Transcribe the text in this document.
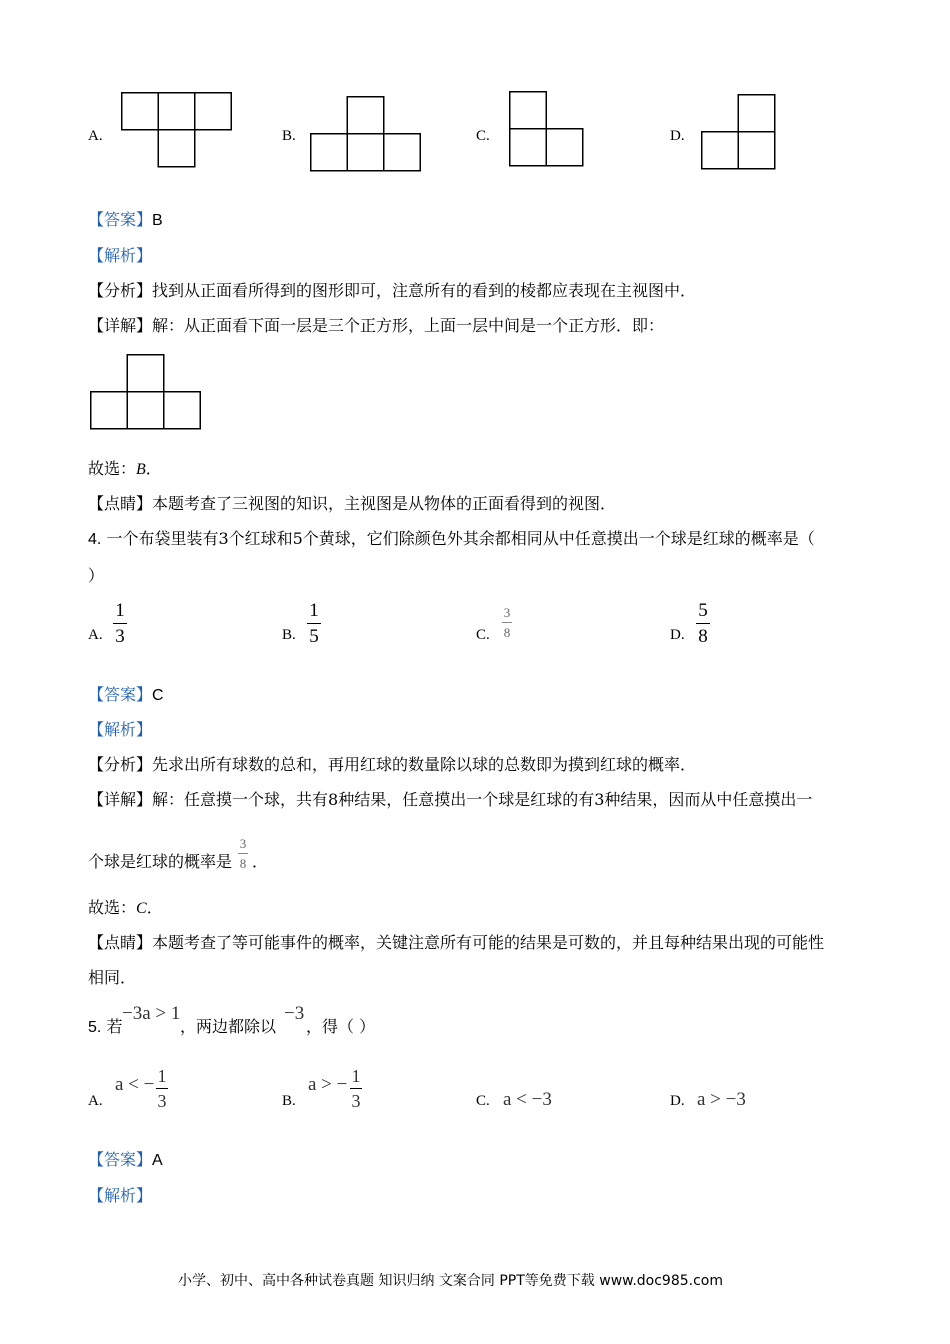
A.	B.	C.	D.
【答案】B
【解析】
【分析】找到从正面看所得到的图形即可，注意所有的看到的棱都应表现在主视图中．
【详解】解：从正面看下面一层是三个正方形，上面一层中间是一个正方形．即：
故选：B．
【点睛】本题考查了三视图的知识，主视图是从物体的正面看得到的视图．
4. 一个布袋里装有3个红球和5个黄球，它们除颜色外其余都相同从中任意摸出一个球是红球的概率是（
）
A.
1
3	B.
1
5	C.
3
8	D.
5
8
【答案】C
【解析】
【分析】先求出所有球数的总和，再用红球的数量除以球的总数即为摸到红球的概率．
【详解】解：任意摸一个球，共有8种结果，任意摸出一个球是红球的有3种结果，因而从中任意摸出一
个球是红球的概率是
3
8 ．
故选：C．
【点睛】本题考查了等可能事件的概率，关键注意所有可能的结果是可数的，并且每种结果出现的可能性
相同．
5. 若
−3a > 1
，两边都除以
−3
，得（ ）
A.
a < − 1
3	B.
a > − 1
3	C. a < −3	D. a > −3
【答案】A
【解析】
小学、初中、高中各种试卷真题 知识归纳 文案合同 PPT等免费下载 www.doc985.com
